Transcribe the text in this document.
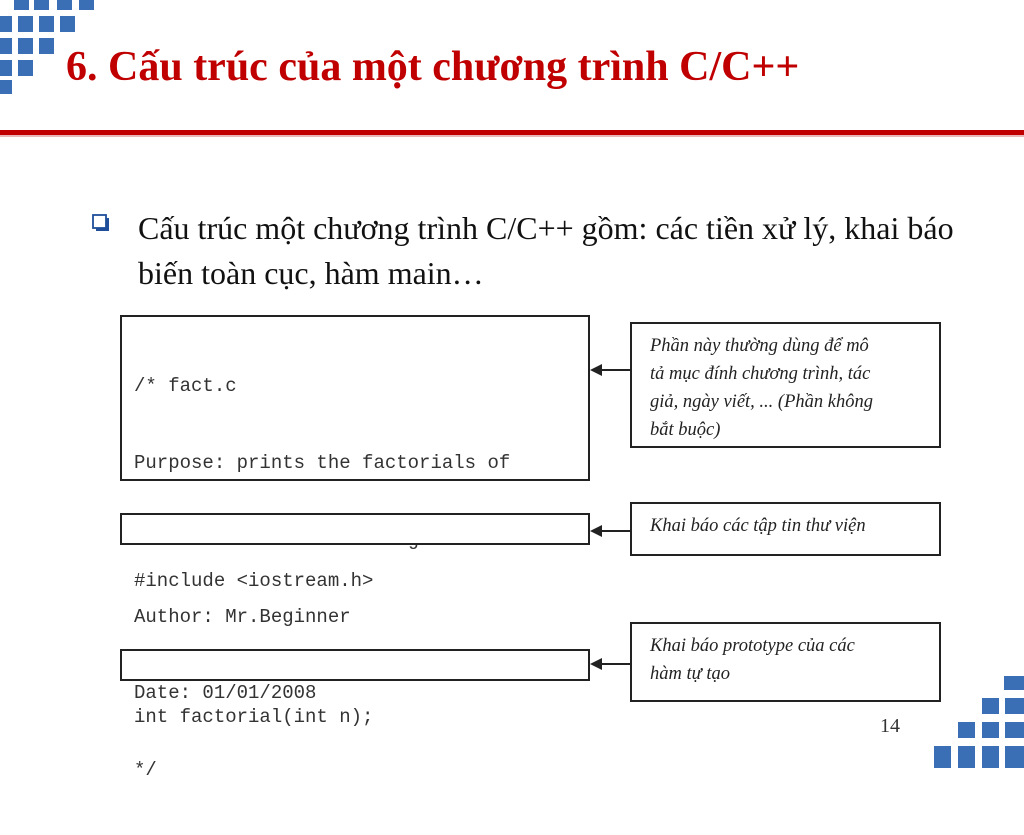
6. Cấu trúc của một chương trình C/C++
Cấu trúc một chương trình C/C++ gồm: các tiền xử lý, khai báo biến toàn cục, hàm main…

/* fact.c

Purpose: prints the factorials of

Author: Mr.Beginner

Date: 01/01/2008

*/

#include <iostream.h>

int factorial(int n);

Phần này thường dùng để mô
tả mục đính chương trình, tác
giả, ngày viết, ... (Phần không
bắt buộc)
Khai báo các tập tin thư viện
Khai báo prototype của các
hàm tự tạo
14
